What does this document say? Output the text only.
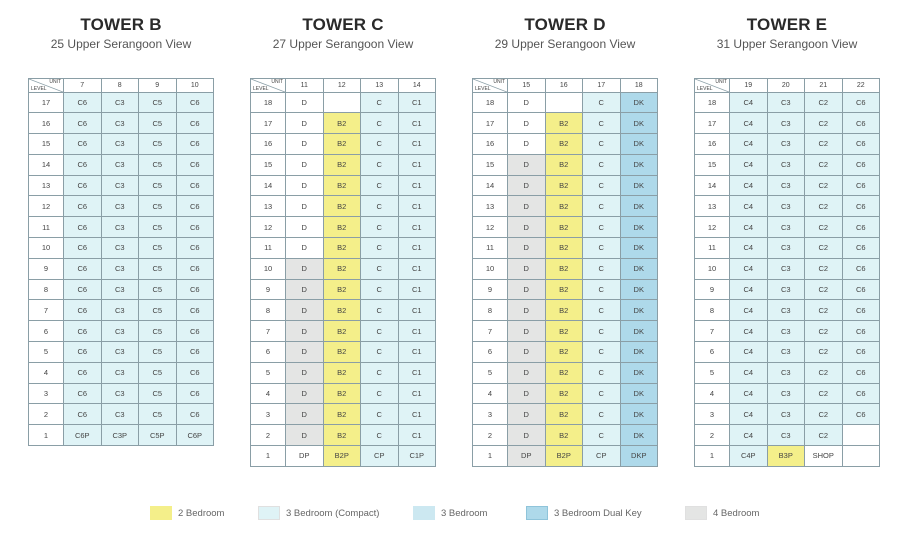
TOWER B
25 Upper Serangoon View
UNIT
LEVEL	7	8	9	10
17	C6	C3	C5	C6
16	C6	C3	C5	C6
15	C6	C3	C5	C6
14	C6	C3	C5	C6
13	C6	C3	C5	C6
12	C6	C3	C5	C6
11	C6	C3	C5	C6
10	C6	C3	C5	C6
9	C6	C3	C5	C6
8	C6	C3	C5	C6
7	C6	C3	C5	C6
6	C6	C3	C5	C6
5	C6	C3	C5	C6
4	C6	C3	C5	C6
3	C6	C3	C5	C6
2	C6	C3	C5	C6
1	C6P	C3P	C5P	C6P
TOWER C
27 Upper Serangoon View
UNIT
LEVEL	11	12	13	14
18	D		C	C1
17	D	B2	C	C1
16	D	B2	C	C1
15	D	B2	C	C1
14	D	B2	C	C1
13	D	B2	C	C1
12	D	B2	C	C1
11	D	B2	C	C1
10	D	B2	C	C1
9	D	B2	C	C1
8	D	B2	C	C1
7	D	B2	C	C1
6	D	B2	C	C1
5	D	B2	C	C1
4	D	B2	C	C1
3	D	B2	C	C1
2	D	B2	C	C1
1	DP	B2P	CP	C1P
TOWER D
29 Upper Serangoon View
UNIT
LEVEL	15	16	17	18
18	D		C	DK
17	D	B2	C	DK
16	D	B2	C	DK
15	D	B2	C	DK
14	D	B2	C	DK
13	D	B2	C	DK
12	D	B2	C	DK
11	D	B2	C	DK
10	D	B2	C	DK
9	D	B2	C	DK
8	D	B2	C	DK
7	D	B2	C	DK
6	D	B2	C	DK
5	D	B2	C	DK
4	D	B2	C	DK
3	D	B2	C	DK
2	D	B2	C	DK
1	DP	B2P	CP	DKP
TOWER E
31 Upper Serangoon View
UNIT
LEVEL	19	20	21	22
18	C4	C3	C2	C6
17	C4	C3	C2	C6
16	C4	C3	C2	C6
15	C4	C3	C2	C6
14	C4	C3	C2	C6
13	C4	C3	C2	C6
12	C4	C3	C2	C6
11	C4	C3	C2	C6
10	C4	C3	C2	C6
9	C4	C3	C2	C6
8	C4	C3	C2	C6
7	C4	C3	C2	C6
6	C4	C3	C2	C6
5	C4	C3	C2	C6
4	C4	C3	C2	C6
3	C4	C3	C2	C6
2	C4	C3	C2	
1	C4P	B3P	SHOP	
2 Bedroom	3 Bedroom (Compact)	3 Bedroom	3 Bedroom Dual Key	4 Bedroom
